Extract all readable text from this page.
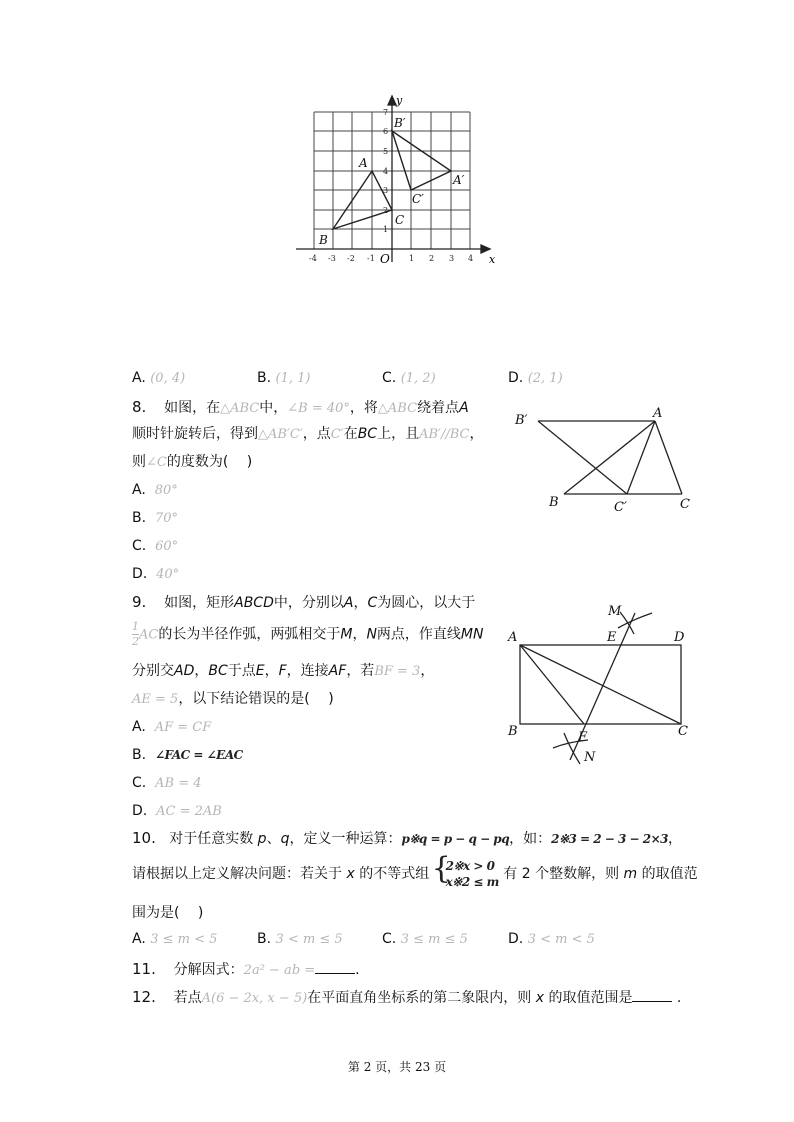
y
x
O
-4 -3 -2 -1	1 2 3 4
1
2
3
4
5
6
7
A
B
C
A′
B′
C′
A. (0, 4)	B. (1, 1)	C. (1, 2)	D. (2, 1)
8. 如图，在△ABC中，∠B = 40°，将△ABC绕着点A
顺时针旋转后，得到△AB′C′，点C′在BC上，且AB′//BC，
则∠C的度数为(　 )
A. 80°
B. 70°
C. 60°
D. 40°
A
B′
B	C′	C
9. 如图，矩形ABCD中，分别以A，C为圆心，以大于
$\frac{1}{2}$ AC的长为半径作弧，两弧相交于M，N两点，作直线MN
分别交AD，BC于点E，F，连接AF，若BF = 3，
AE = 5，以下结论错误的是(　 )
A. AF = CF
B. ∠FAC = ∠EAC
C. AB = 4
D. AC = 2AB
A	D
E
M
B	C
F
N
10. 对于任意实数 p、q，定义一种运算：p※q = p − q − pq，如：2※3 = 2 − 3 − 2×3，
请根据以上定义解决问题：若关于 x 的不等式组 {
2※x > 0
x※2 ≤ m 有 2 个整数解，则 m 的取值范
围为是(　 )
A. 3 ≤ m < 5	B. 3 < m ≤ 5	C. 3 ≤ m ≤ 5	D. 3 < m < 5
11. 分解因式：2a² − ab =	.
12. 若点A(6 − 2x, x − 5)在平面直角坐标系的第二象限内，则 x 的取值范围是	.
第 2 页，共 23 页
